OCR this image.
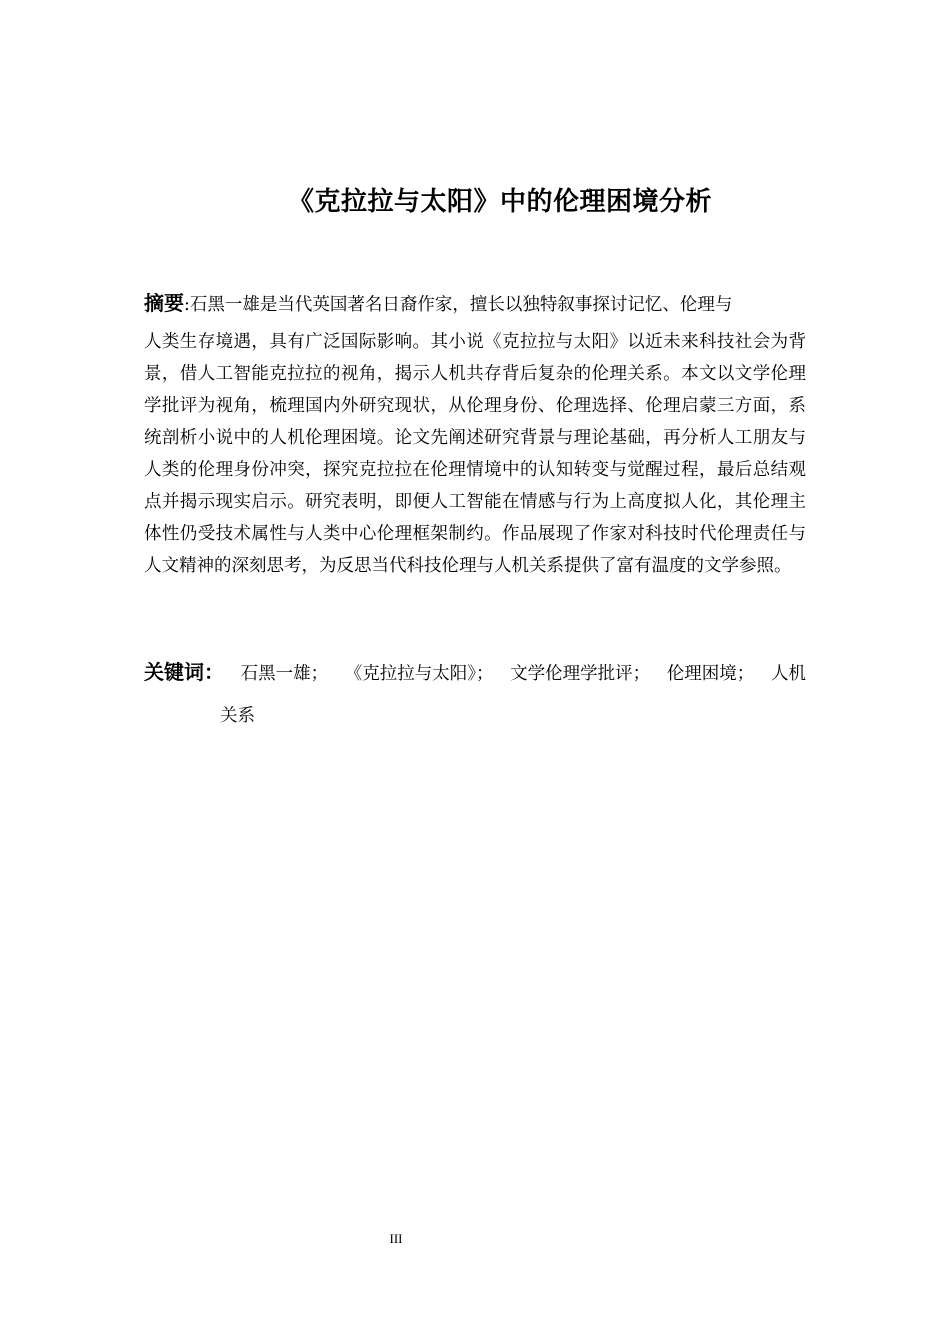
《克拉拉与太阳》中的伦理困境分析
摘要:石黑一雄是当代英国著名日裔作家，擅长以独特叙事探讨记忆、伦理与
人类生存境遇，具有广泛国际影响。其小说《克拉拉与太阳》以近未来科技社会为背景，借人工智能克拉拉的视角，揭示人机共存背后复杂的伦理关系。本文以文学伦理学批评为视角，梳理国内外研究现状，从伦理身份、伦理选择、伦理启蒙三方面，系统剖析小说中的人机伦理困境。论文先阐述研究背景与理论基础，再分析人工朋友与人类的伦理身份冲突，探究克拉拉在伦理情境中的认知转变与觉醒过程，最后总结观点并揭示现实启示。研究表明，即便人工智能在情感与行为上高度拟人化，其伦理主体性仍受技术属性与人类中心伦理框架制约。作品展现了作家对科技时代伦理责任与人文精神的深刻思考，为反思当代科技伦理与人机关系提供了富有温度的文学参照。
关键词： 石黑一雄； 《克拉拉与太阳》； 文学伦理学批评； 伦理困境； 人机
关系
III
